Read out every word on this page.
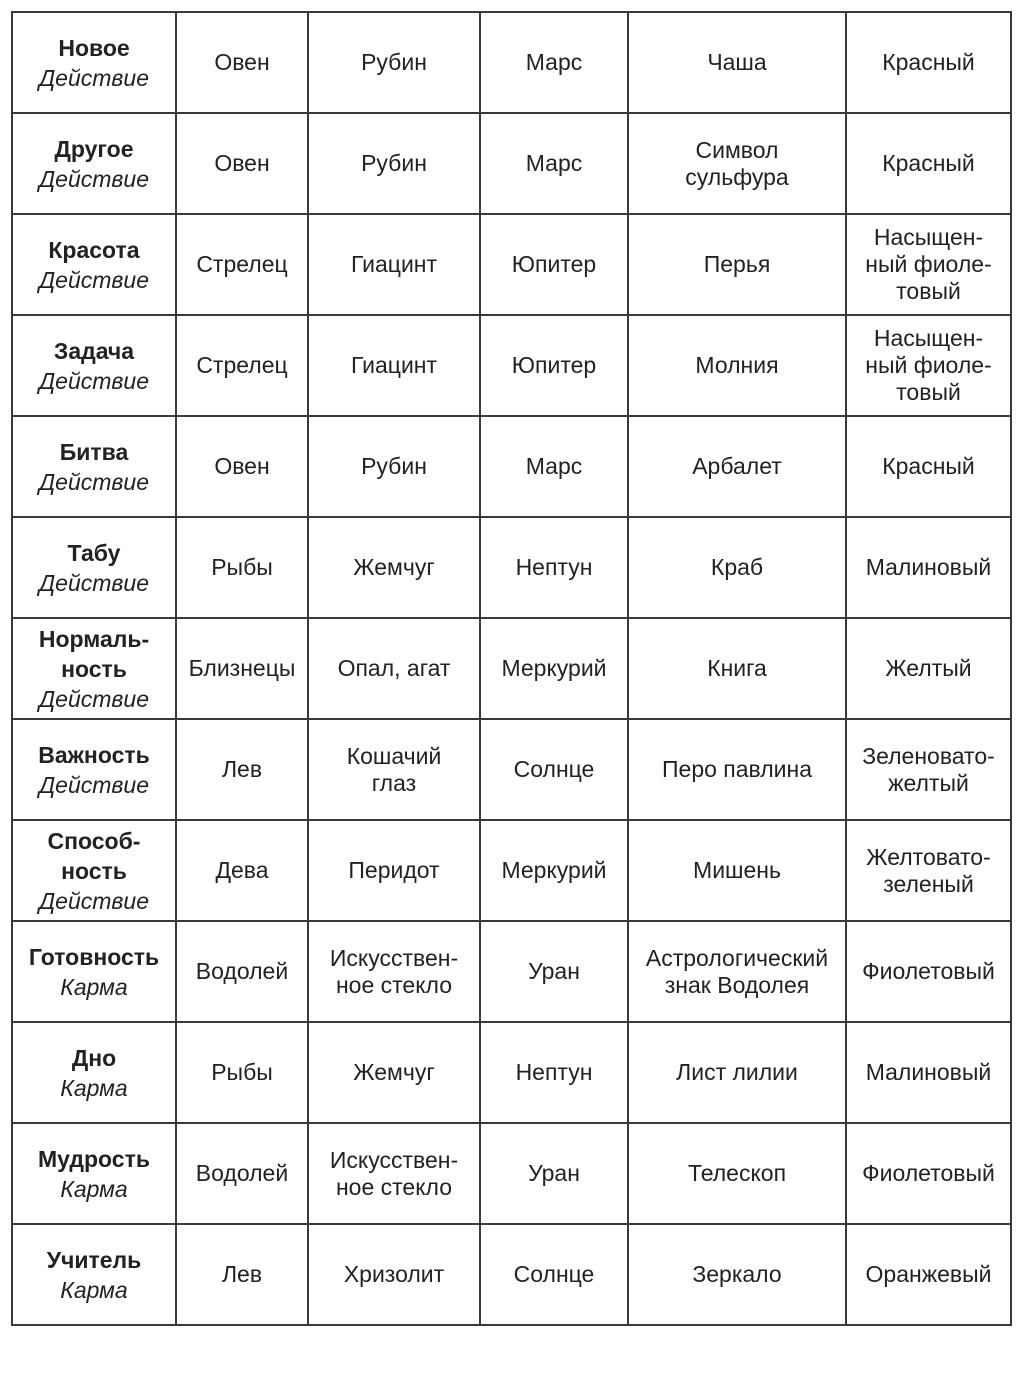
Новое
Действие	Овен	Рубин	Марс	Чаша	Красный

Другое
Действие	Овен	Рубин	Марс	Символ
сульфура	Красный

Красота
Действие	Стрелец	Гиацинт	Юпитер	Перья	Насыщен-
ный фиоле-
товый

Задача
Действие	Стрелец	Гиацинт	Юпитер	Молния	Насыщен-
ный фиоле-
товый

Битва
Действие	Овен	Рубин	Марс	Арбалет	Красный

Табу
Действие	Рыбы	Жемчуг	Нептун	Краб	Малиновый

Нормаль-
ность
Действие	Близнецы	Опал, агат	Меркурий	Книга	Желтый

Важность
Действие	Лев	Кошачий
глаз	Солнце	Перо павлина	Зеленовато-
желтый

Способ-
ность
Действие	Дева	Перидот	Меркурий	Мишень	Желтовато-
зеленый

Готовность
Карма	Водолей	Искусствен-
ное стекло	Уран	Астрологический
знак Водолея	Фиолетовый

Дно
Карма	Рыбы	Жемчуг	Нептун	Лист лилии	Малиновый

Мудрость
Карма	Водолей	Искусствен-
ное стекло	Уран	Телескоп	Фиолетовый

Учитель
Карма	Лев	Хризолит	Солнце	Зеркало	Оранжевый
